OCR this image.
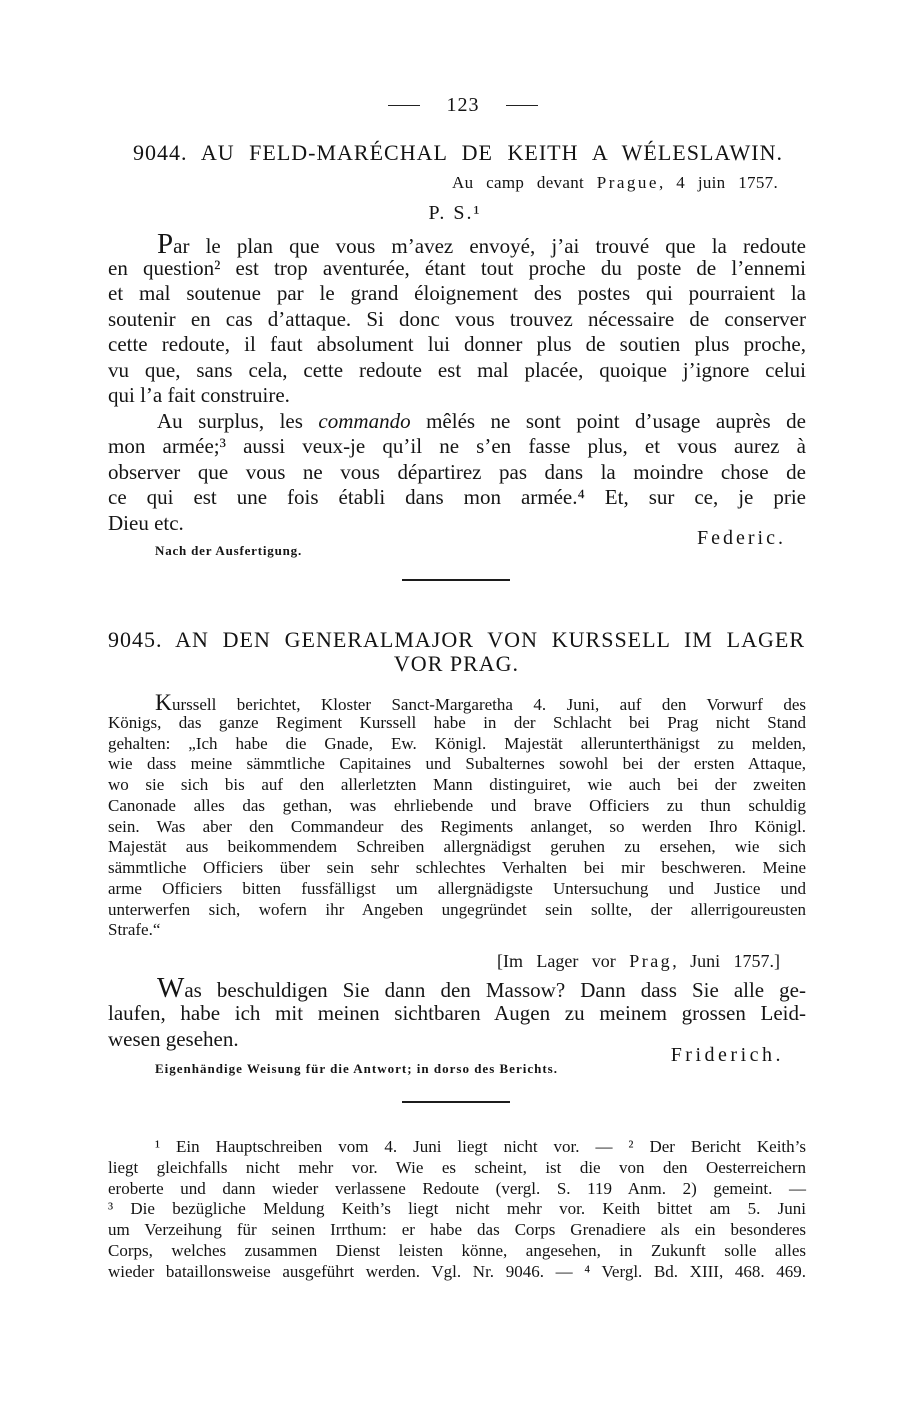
123
9044. AU FELD-MARÉCHAL DE KEITH A WÉLESLAWIN.
Au camp devant Prague, 4 juin 1757.
P. S.¹
Par le plan que vous m’avez envoyé, j’ai trouvé que la redoute
en question² est trop aventurée, étant tout proche du poste de l’ennemi
et mal soutenue par le grand éloignement des postes qui pourraient la
soutenir en cas d’attaque. Si donc vous trouvez nécessaire de conserver
cette redoute, il faut absolument lui donner plus de soutien plus proche,
vu que, sans cela, cette redoute est mal placée, quoique j’ignore celui
qui l’a fait construire.
Au surplus, les commando mêlés ne sont point d’usage auprès de
mon armée;³ aussi veux-je qu’il ne s’en fasse plus, et vous aurez à
observer que vous ne vous départirez pas dans la moindre chose de
ce qui est une fois établi dans mon armée.⁴ Et, sur ce, je prie
Dieu etc.
Federic.
Nach der Ausfertigung.
9045. AN DEN GENERALMAJOR VON KURSSELL IM LAGER
VOR PRAG.
Kurssell berichtet, Kloster Sanct-Margaretha 4. Juni, auf den Vorwurf des
Königs, das ganze Regiment Kurssell habe in der Schlacht bei Prag nicht Stand
gehalten: „Ich habe die Gnade, Ew. Königl. Majestät allerunterthänigst zu melden,
wie dass meine sämmtliche Capitaines und Subalternes sowohl bei der ersten Attaque,
wo sie sich bis auf den allerletzten Mann distinguiret, wie auch bei der zweiten
Canonade alles das gethan, was ehrliebende und brave Officiers zu thun schuldig
sein. Was aber den Commandeur des Regiments anlanget, so werden Ihro Königl.
Majestät aus beikommendem Schreiben allergnädigst geruhen zu ersehen, wie sich
sämmtliche Officiers über sein sehr schlechtes Verhalten bei mir beschweren. Meine
arme Officiers bitten fussfälligst um allergnädigste Untersuchung und Justice und
unterwerfen sich, wofern ihr Angeben ungegründet sein sollte, der allerrigoureusten
Strafe.“
[Im Lager vor Prag, Juni 1757.]
Was beschuldigen Sie dann den Massow? Dann dass Sie alle ge-
laufen, habe ich mit meinen sichtbaren Augen zu meinem grossen Leid-
wesen gesehen.
Friderich.
Eigenhändige Weisung für die Antwort; in dorso des Berichts.
¹ Ein Hauptschreiben vom 4. Juni liegt nicht vor. — ² Der Bericht Keith’s
liegt gleichfalls nicht mehr vor. Wie es scheint, ist die von den Oesterreichern
eroberte und dann wieder verlassene Redoute (vergl. S. 119 Anm. 2) gemeint. —
³ Die bezügliche Meldung Keith’s liegt nicht mehr vor. Keith bittet am 5. Juni
um Verzeihung für seinen Irrthum: er habe das Corps Grenadiere als ein besonderes
Corps, welches zusammen Dienst leisten könne, angesehen, in Zukunft solle alles
wieder bataillonsweise ausgeführt werden. Vgl. Nr. 9046. — ⁴ Vergl. Bd. XIII, 468. 469.
